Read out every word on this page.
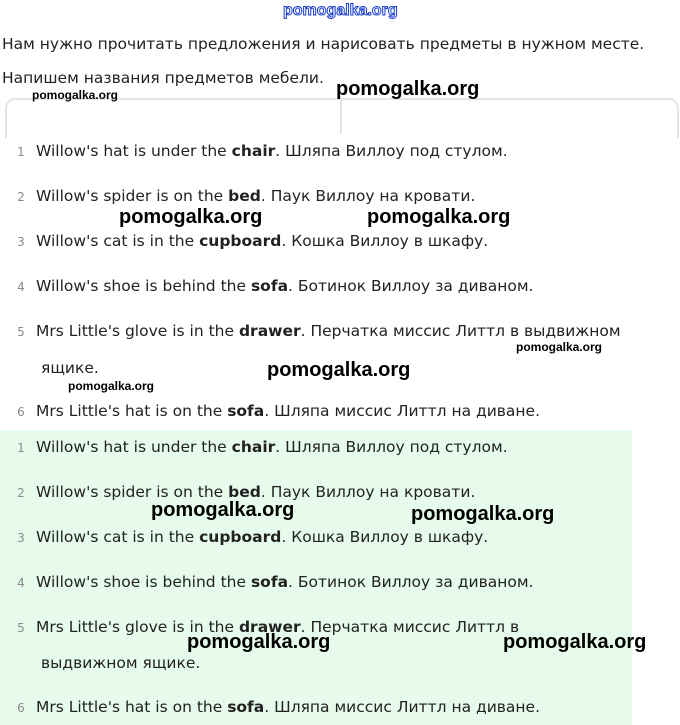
pomogalka.org
Нам нужно прочитать предложения и нарисовать предметы в нужном месте.
Напишем названия предметов мебели.
1 Willow's hat is under the chair. Шляпа Виллоу под стулом.
2 Willow's spider is on the bed. Паук Виллоу на кровати.
3 Willow's cat is in the cupboard. Кошка Виллоу в шкафу.
4 Willow's shoe is behind the sofa. Ботинок Виллоу за диваном.
5 Mrs Little's glove is in the drawer. Перчатка миссис Литтл в выдвижном
ящике.
6 Mrs Little's hat is on the sofa. Шляпа миссис Литтл на диване.
1 Willow's hat is under the chair. Шляпа Виллоу под стулом.
2 Willow's spider is on the bed. Паук Виллоу на кровати.
3 Willow's cat is in the cupboard. Кошка Виллоу в шкафу.
4 Willow's shoe is behind the sofa. Ботинок Виллоу за диваном.
5 Mrs Little's glove is in the drawer. Перчатка миссис Литтл в
выдвижном ящике.
6 Mrs Little's hat is on the sofa. Шляпа миссис Литтл на диване.
pomogalka.org	pomogalka.org
pomogalka.org	pomogalka.org
pomogalka.org
pomogalka.org
pomogalka.org
pomogalka.org	pomogalka.org
pomogalka.org	pomogalka.org
